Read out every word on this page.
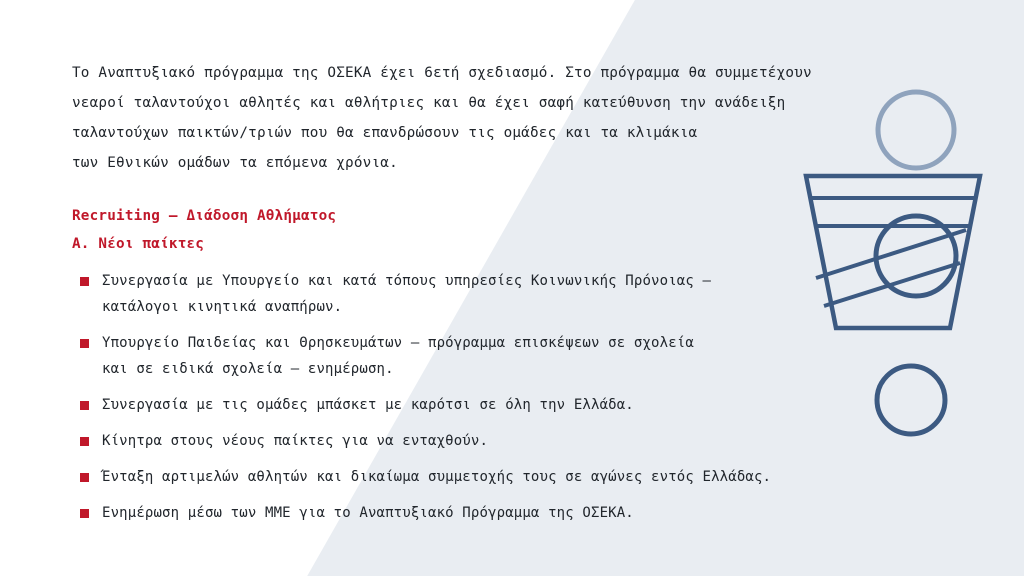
Το Αναπτυξιακό πρόγραμμα της ΟΣΕΚΑ έχει 6ετή σχεδιασμό. Στο πρόγραμμα θα συμμετέχουν
νεαροί ταλαντούχοι αθλητές και αθλήτριες και θα έχει σαφή κατεύθυνση την ανάδειξη
ταλαντούχων παικτών/τριών που θα επανδρώσουν τις ομάδες και τα κλιμάκια
των Εθνικών ομάδων τα επόμενα χρόνια.
Recruiting – Διάδοση Αθλήματος
Α. Νέοι παίκτες
Συνεργασία με Υπουργείο και κατά τόπους υπηρεσίες Κοινωνικής Πρόνοιας –
κατάλογοι κινητικά αναπήρων.
Υπουργείο Παιδείας και Θρησκευμάτων – πρόγραμμα επισκέψεων σε σχολεία
και σε ειδικά σχολεία – ενημέρωση.
Συνεργασία με τις ομάδες μπάσκετ με καρότσι σε όλη την Ελλάδα.
Κίνητρα στους νέους παίκτες για να ενταχθούν.
Ένταξη αρτιμελών αθλητών και δικαίωμα συμμετοχής τους σε αγώνες εντός Ελλάδας.
Ενημέρωση μέσω των ΜΜΕ για το Αναπτυξιακό Πρόγραμμα της ΟΣΕΚΑ.
